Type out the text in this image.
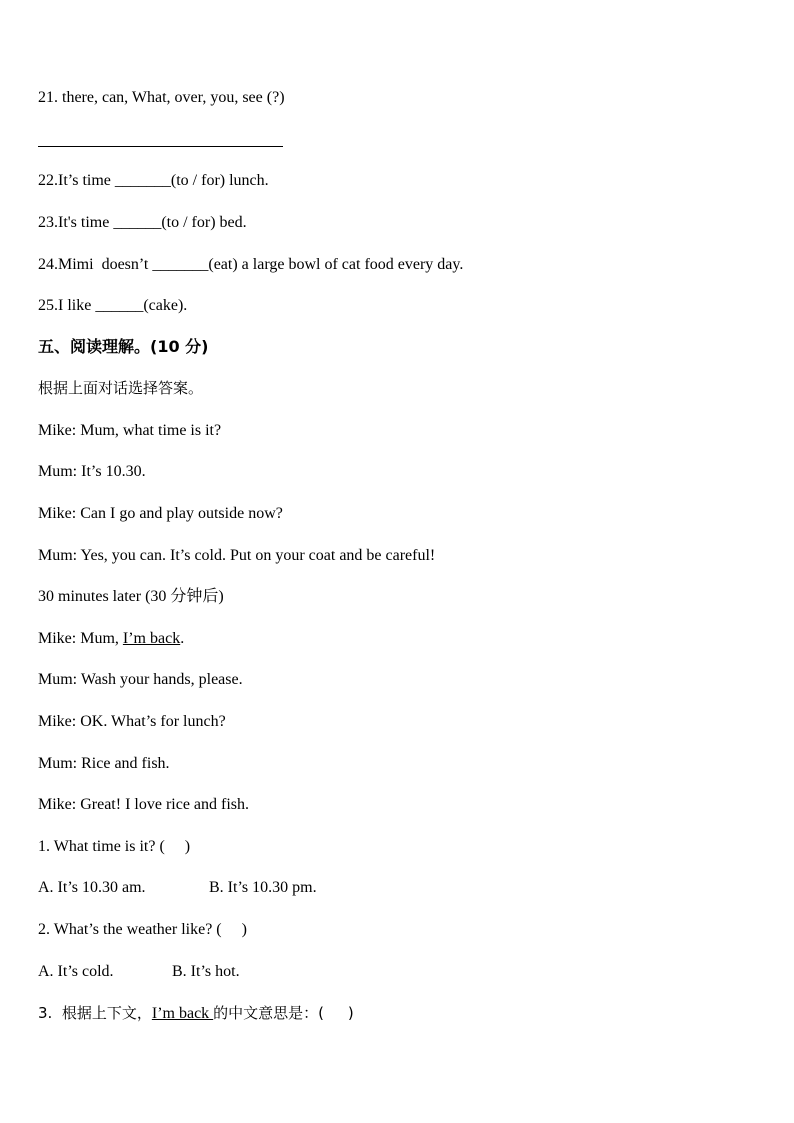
21. there, can, What, over, you, see (?)
22.It’s time _______(to / for) lunch.
23.It's time ______(to / for) bed.
24.Mimi  doesn’t _______(eat) a large bowl of cat food every day.
25.I like ______(cake).
五、阅读理解。(10 分)
根据上面对话选择答案。
Mike: Mum, what time is it?
Mum: It’s 10.30.
Mike: Can I go and play outside now?
Mum: Yes, you can. It’s cold. Put on your coat and be careful!
30 minutes later (30 分钟后)
Mike: Mum, I’m back.
Mum: Wash your hands, please.
Mike: OK. What’s for lunch?
Mum: Rice and fish.
Mike: Great! I love rice and fish.
1. What time is it? (     )
A. It’s 10.30 am.	B. It’s 10.30 pm.
2. What’s the weather like? (     )
A. It’s cold.	B. It’s hot.
3.  根据上下文，I’m back 的中文意思是：(     )
